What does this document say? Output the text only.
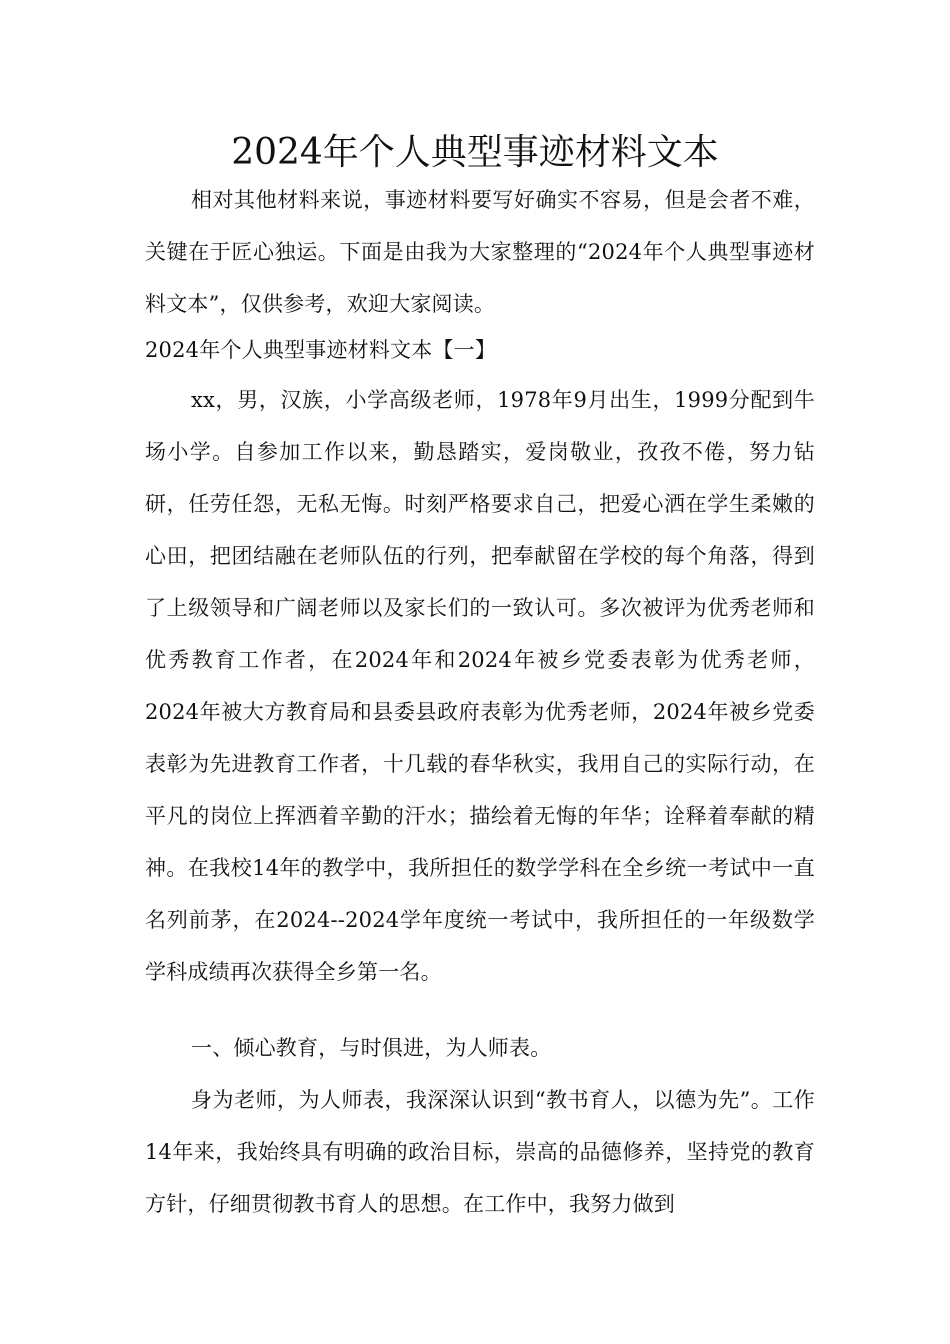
2024年个人典型事迹材料文本

相对其他材料来说，事迹材料要写好确实不容易，但是会者不难，关键在于匠心独运。下面是由我为大家整理的“2024年个人典型事迹材料文本”，仅供参考，欢迎大家阅读。

2024年个人典型事迹材料文本【一】

xx，男，汉族，小学高级老师，1978年9月出生，1999分配到牛场小学。自参加工作以来，勤恳踏实，爱岗敬业，孜孜不倦，努力钻研，任劳任怨，无私无悔。时刻严格要求自己，把爱心洒在学生柔嫩的心田，把团结融在老师队伍的行列，把奉献留在学校的每个角落，得到了上级领导和广阔老师以及家长们的一致认可。多次被评为优秀老师和优秀教育工作者，在2024年和2024年被乡党委表彰为优秀老师，2024年被大方教育局和县委县政府表彰为优秀老师，2024年被乡党委表彰为先进教育工作者，十几载的春华秋实，我用自己的实际行动，在平凡的岗位上挥洒着辛勤的汗水；描绘着无悔的年华；诠释着奉献的精神。在我校14年的教学中，我所担任的数学学科在全乡统一考试中一直名列前茅，在2024--2024学年度统一考试中，我所担任的一年级数学学科成绩再次获得全乡第一名。

一、倾心教育，与时俱进，为人师表。

身为老师，为人师表，我深深认识到“教书育人，以德为先”。工作14年来，我始终具有明确的政治目标，崇高的品德修养，坚持党的教育方针，仔细贯彻教书育人的思想。在工作中，我努力做到
